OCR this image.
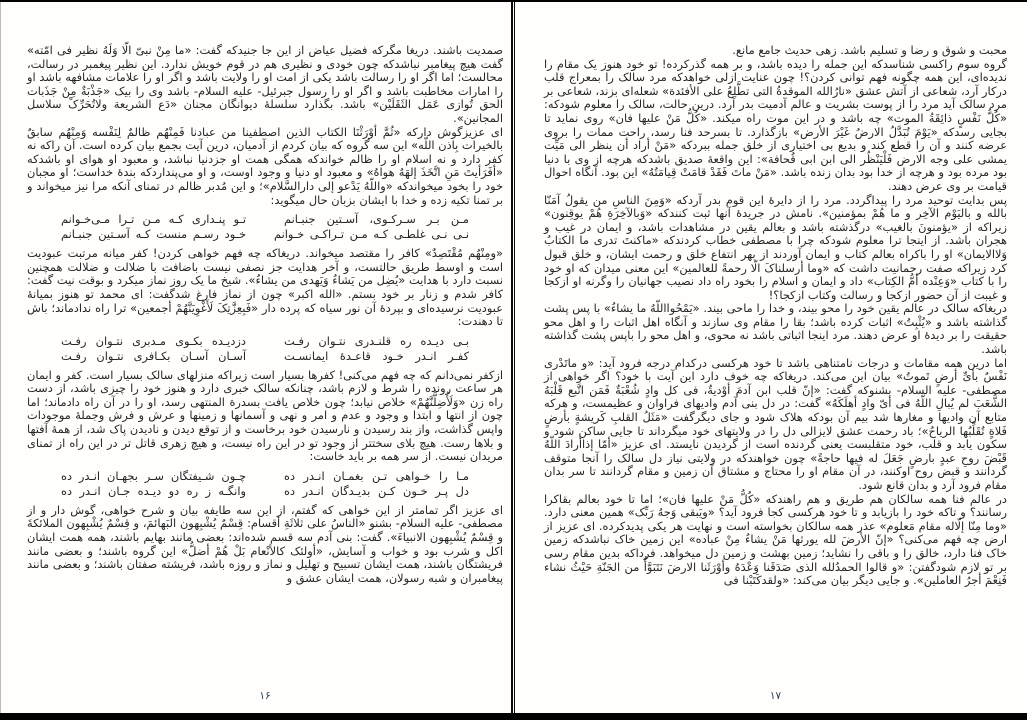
صمدیت باشند. دریغا مگرکه فضیل عیاض از این جا جنیدکه گفت: «ما مِنْ نبیّ الّا وَلَهُ نظیر فی امّته» گفت هیچ پیغامبر نباشدکه چون خودی و نظیری هم در قوم خویش ندارد. این نظیر پیغمبر در رسالت، محالست؛ اما اگر او را رسالت باشد یکی از امت او را ولایت باشد و اگر او را علامات مشافهه باشد او را امارات مخاطبت باشد و اگر او را رسول جبرئیل- علیه السلام- باشد وی را بیک «جَذْبَةٌ مِنْ جَذَبات الحق تُوازی عَمَل الثَقَلَیْن» باشد. بگذارد سلسلهٔ دیوانگان مجنان «دَع الشریعة ولاتُحَرِّکْ سلاسل المجانین».

ای عزیزگوش دارکه «ثُمَّ أوْرَثْنَا الکتاب الذین اصطفینا من عبادنا فَمِنْهُم ظالمٌ لِنَفْسه وَمِنْهُم سابقٌ بالخیرات بِاذن اللّه» این سه گروه که بیان کردم از آدمیان، درین آیت بجمع بیان کرده است. آن راکه نه کفر دارد و نه اسلام او را ظالم خواندکه همگی همت او جزدنیا نباشد، و معبود او هوای او باشدکه «أفَرَأیتَ مَنِ اتَّخَذَ إلهَهُ هواهُ» و معبود او دنیا و وجود اوست، و او می‌پنداردکه بندهٔ خداست؛ او مجبان خود را بخود میخواندکه «واللّهُ یَدْعو إلی دارالسَّلام»؛ و این مُدبر ظالم در تمنای آنکه مرا نیز میخواند و بر تمنا تکیه زده و خدا با ایشان بزبان حال میگوید:

مـن بـر سـرکـوی، آسـتین جنبـانم
تـو پنـداری کـه مـن تـرا مـی‌خـوانم
نـی نـی غلطـی کـه مـن تـراکـی خـوانم
خـود رسـم منست کـه آسـتین جنبـانم

«ومِنْهُم مُقْتَصِدٌ» کافر را مقتصد میخواند. دریغاکه چه فهم خواهی کردن! کفر میانه مرتبت عبودیت است و اوسط طریق حالتست، و آخر هدایت جز نصفی نیست باضافت با ضلالت و ضلالت همچنین نسبت دارد با هدایت «یُضِل من یَشاءُ وَیَهدی من یشاءُ». شیخ ما یک روز نماز میکرد و بوقت نیت گفت: کافر شدم و زنار بر خود بستم. «الله اکبر» چون از نماز فارغ شدگفت: ای محمد تو هنوز بمیانهٔ عبودیت نرسیده‌ای و بپردهٔ آن نور سیاه که پرده دار «فَبِعِزَّتِکَ لَأَغْوِیَنَّهُمْ أجمعین» ترا راه ندادماند؛ باش تا دهندت:

بـی دیـده ره قلنـدری نتـوان رفـت
دزدیـده بکـوی مـدبری نتـوان رفـت
کفـر انـدر خـود قاعـدهٔ ایمانسـت
آسـان آسـان بکـافری نتـوان رفـت

ازکفر نمی‌دانم که چه فهم می‌کنی! کفرها بسیار است زیراکه منزلهای سالک بسیار است. کفر و ایمان هر ساعت رونده را شرط و لازم باشد، چنانکه سالک خبری دارد و هنوز خود را چیزی باشد، از دست راه زن «وَلَأُضِلَّنَّهُمْ» خلاص نیابد؛ چون خلاص یافت بسدرة المنتهی رسد، او را در آن راه دادماند؛ اما چون از انتها و ابتدا و وجود و عدم و امر و نهی و آسمانها و زمینها و عرش و فرش وجملهٔ موجودات واپس گذاشت، واز بند رسیدن و نارسیدن خود برخاست و از توقع دیدن و نادیدن پاک شد، از همهٔ آفتها و بلاها رست. هیچ بلای سختتر از وجود تو در این راه نیست، و هیچ زهری قاتل تر در این راه از تمنای مریدان نیست. از سر همه بر باید خاست:

مـا را خـواهی تـن بغمـان انـدر ده
چـون شـیفتگان سـر بجهـان انـدر ده
دل پـر خـون کـن بدیـدگان انـدر ده
وانگـه ز ره دو دیـده جـان انـدر ده

ای عزیز اگر تمامتر از این خواهی که گفتم، از این سه طایفه بیان و شرح خواهی، گوش دار و از مصطفی- علیه السلام- بشنو «الناسُ علی ثلاثَةِ أقسام: قِسْمٌ یُشْبِهون البَهائمَ، و قِسْمٌ یُشْبِهون الملائکةَ و قِسْمٌ یُشْبِهون الانبیاءَ». گفت: بنی آدم سه قسم شده‌اند: بعضی مانند بهایم باشند، همه همت ایشان اکل و شرب بود و خواب و آسایش، «أولئک کالأنْعام بَلْ هُمْ أضلُّ» این گروه باشند؛ و بعضی مانند فریشتگان باشند، همت ایشان تسبیح و تهلیل و نماز و روزه باشد، فریشته صفتان باشند؛ و بعضی مانند پیغامبران و شبه رسولان، همت ایشان عشق و

۱۶

محبت و شوق و رضا و تسلیم باشد. زهی حدیث جامع مانع.

گروه سوم راکسی شناسدکه این جمله را دیده باشد، و بر همه گذرکرده! تو خود هنوز یک مقام را ندیده‌ای، این همه چگونه فهم توانی کردن؟! چون عنایت ازلی خواهدکه مرد سالک را بمعراج قلب درکار آرد، شعاعی از آتش عشق «نارُالله الموقدةُ التی تطَّلِعُ علی الأفئدة» شعله‌ای بزند، شعاعی بر مرد سالک آید مرد را از پوست بشریت و عالم آدمیت بدر آرد. درین حالت، سالک را معلوم شودکه: «کُلُّ نَفْسٍ ذائِقَةُ الموت» چه باشد و در این موت راه میکند. «کُلُّ مَنْ علیها فان» روی نماید تا بجایی رسدکه «یَوْمَ تُبَدَّلُ الارضُ غَیْرَ الأرض» بازگذارد. تا بسرحد فنا رسد، راحت ممات را بروی عرضه کنند و آن را قطع کند و بدیع بی اختیاری از خلق جمله ببردکه «مَنْ أراد أن ینظر الی مَیِّت یمشی علی وجه الارض فَلْیَنْظُر الی ابن ابی قُحافة»: این واقعهٔ صدیق باشدکه هرچه از وی با دنیا بود مرده بود و هرچه از خدا بود بدان زنده باشد. «مَنْ ماتَ فَقَدْ قامَتْ قِیامَتُهُ» این بود. آنگاه احوال قیامت بر وی عرض دهند.

پس بدایت توحید مرد را پیداگردد. مرد را از دایرهٔ این قوم بدر آردکه «وَمِنَ الناسِ من یقولُ آمَنّا بالله و بالیَوْم الآخِر و ما هُمْ بمؤمنین». نامش در جریدهٔ آنها ثبت کنندکه «وَبالآخِرَةِ هُمْ یوقِنون» زیراکه از «یؤمنونَ بالغیب» درگذشته باشد و بعالم یقین در مشاهدات باشد، و ایمان در غیب و هجران باشد. از اینجا ترا معلوم شودکه چرا با مصطفی خطاب کردندکه «ماکنتَ تدری ما الکتابُ وَلاالایمان» او را باکراه بعالم کتاب و ایمان آوردند از بهر انتفاع خلق و رحمت ایشان، و خلق قبول کرد زیراکه صفت رحمانیت داشت که «وما أرسلناکَ الّا رحمةً للعالمین» این معنی میدان که او خود را با کتاب «وَعِنْده أمُّ الکِتاب» داد و ایمان و اسلام را بخود راه داد نصیب جهانیان را وگرنه او ازکجا و غیبت از آن حضور ازکجا و رسالت وکتاب ازکجا؟!

دریغاکه سالک در عالم یقین خود را محو بیند، و خدا را ماحی بیند. «یَمْحُوااللّهُ ما یشاءُ» با پس پشت گذاشته باشد و «یُثْبِتُ» اثبات کرده باشد؛ بقا را مقام وی سازند و آنگاه اهل اثبات را و اهل محو حقیقت را بر دیدهٔ او عرض دهند. مرد اینجا اثباتی باشد نه محوی، و اهل محو را باپس پشت گذاشته باشد.

اما درین همه مقامات و درجات نامتناهی باشد تا خود هرکسی درکدام درجه فرود آید: «و ماتَدْری نَفْسٌ بأیِّ أرضٍ تَموتُ» بیان این می‌کند. دریغاکه چه خوف دارد این آیت با خود؟ اگر خواهی از مصطفی- علیه السلام- بشنوکه گفت: «إنّ قلب ابن آدمَ أوْدیةٌ، فی کل وادٍ شُعْبَةٌ فَمَن اتَّبع قَلْبَهُ الشُّعَبَ لم یُبالِ اللّهُ فی أیّ وادٍ أهلَکَهُ» گفت: در دل بنی آدم وادیهای فراوان و عظیمست، و هرکه متابع آن وادیها و مغارها شد بیم آن بودکه هلاک شود و جای دیگرگفت «مَثَلُ القلبِ کَریشةٍ بأرضٍ فَلاةٍ تُقَلِّبُها الریاحُ»؛ باد رحمت عشق لایزالی دل را در ولایتهای خود میگرداند تا جایی ساکن شود و سکون یابد و قلب، خود متقلبست یعنی گردنده است از گردیدن نایستد. ای عزیز «أمّا إذاأرادَ اللّهُ قَبْضَ روحِ عبدٍ بارضٍ جَعَلَ له فیها حاجةً» چون خواهندکه در ولایتی نیاز دل سالک را آنجا متوقف گردانند و قبض روح اوکنند، در آن مقام او را محتاج و مشتاق آن زمین و مقام گردانند تا سر بدان مقام فرود آرد و بدان قانع شود.

در عالم فنا همه سالکان هم طریق و هم راهندکه «کُلُّ مَنْ علیها فان»؛ اما تا خود بعالم بقاکرا رسانند؟ و تاکه خود را بازیابد و تا خود هرکسی کجا فرود آید؟ «ویَبقی وَجهُ رَبِّک» همین معنی دارد. «وما مِنّا إلّاله مقام مَعلوم» عذر همه سالکان بخواسته است و نهایت هر یکی پدیدکرده. ای عزیز از ارض چه فهم می‌کنی؟ «إنّ الأرضَ لله یورثها مَنْ یشاءُ مِنْ عباده» این زمین خاک نباشدکه زمین خاک فنا دارد، خالق را و باقی را نشاید؛ زمین بهشت و زمین دل میخواهد. فرداکه بدین مقام رسی بر تو لازم شودگفتن: «و قالوا الحمدُلله الذی صَدَقَنا وَعْدَهُ وأوْرَثَنا الارضَ نَتَبَوَّأُ من الجَنّةِ حَیْثُ نشاء فَنِعْمَ أجرُ العاملین». و جایی دیگر بیان می‌کند: «ولقدکَتَبْنا فی

۱۷
